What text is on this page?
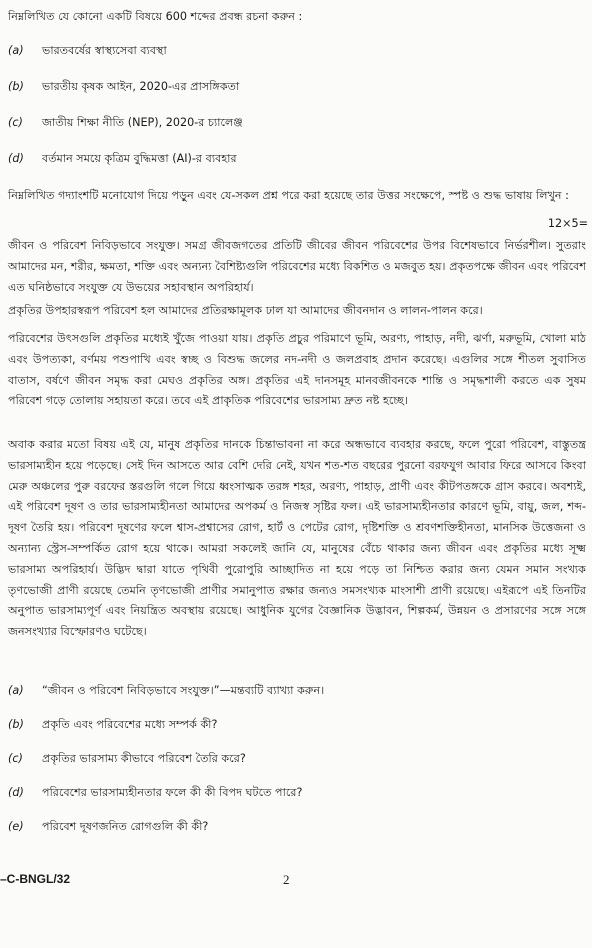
নিম্নলিখিত যে কোনো একটি বিষয়ে 600 শব্দের প্রবন্ধ রচনা করুন :
(a) ভারতবর্ষের স্বাস্থ্যসেবা ব্যবস্থা
(b) ভারতীয় কৃষক আইন, 2020-এর প্রাসঙ্গিকতা
(c) জাতীয় শিক্ষা নীতি (NEP), 2020-র চ্যালেঞ্জ
(d) বর্তমান সময়ে কৃত্রিম বুদ্ধিমত্তা (AI)-র ব্যবহার
নিম্নলিখিত গদ্যাংশটি মনোযোগ দিয়ে পড়ুন এবং যে-সকল প্রশ্ন পরে করা হয়েছে তার উত্তর সংক্ষেপে, স্পষ্ট ও শুদ্ধ ভাষায় লিখুন :
12×5=
জীবন ও পরিবেশ নিবিড়ভাবে সংযুক্ত। সমগ্র জীবজগতের প্রতিটি জীবের জীবন পরিবেশের উপর বিশেষভাবে নির্ভরশীল। সুতরাং আমাদের মন, শরীর, ক্ষমতা, শক্তি এবং অন্যন্য বৈশিষ্ট্যগুলি পরিবেশের মধ্যে বিকশিত ও মজবুত হয়। প্রকৃতপক্ষে জীবন এবং পরিবেশ এত ঘনিষ্ঠভাবে সংযুক্ত যে উভয়ের সহাবস্থান অপরিহার্য।
প্রকৃতির উপহারস্বরূপ পরিবেশ হল আমাদের প্রতিরক্ষামূলক ঢাল যা আমাদের জীবনদান ও লালন-পালন করে।
পরিবেশের উৎসগুলি প্রকৃতির মধ্যেই খুঁজে পাওয়া যায়। প্রকৃতি প্রচুর পরিমাণে ভূমি, অরণ্য, পাহাড়, নদী, ঝর্ণা, মরুভূমি, খোলা মাঠ এবং উপত্যকা, বর্ণময় পশুপাখি এবং স্বচ্ছ ও বিশুদ্ধ জলের নদ-নদী ও জলপ্রবাহ প্রদান করেছে। এগুলির সঙ্গে শীতল সুবাসিত বাতাস, বর্ষণে জীবন সমৃদ্ধ করা মেঘও প্রকৃতির অঙ্গ। প্রকৃতির এই দানসমূহ মানবজীবনকে শান্তি ও সমৃদ্ধশালী করতে এক সুষম পরিবেশ গড়ে তোলায় সহায়তা করে। তবে এই প্রাকৃতিক পরিবেশের ভারসাম্য দ্রুত নষ্ট হচ্ছে।
অবাক করার মতো বিষয় এই যে, মানুষ প্রকৃতির দানকে চিন্তাভাবনা না করে অন্ধভাবে ব্যবহার করছে, ফলে পুরো পরিবেশ, বাস্তুতন্ত্র ভারসাম্যহীন হয়ে পড়েছে। সেই দিন আসতে আর বেশি দেরি নেই, যখন শত-শত বছরের পুরনো বরফযুগ আবার ফিরে আসবে কিংবা মেরু অঞ্চলের পুরু বরফের স্তরগুলি গলে গিয়ে ধ্বংসাত্মক তরঙ্গ শহর, অরণ্য, পাহাড়, প্রাণী এবং কীটপতঙ্গকে গ্রাস করবে। অবশ্যই, এই পরিবেশ দূষণ ও তার ভারসাম্যহীনতা আমাদের অপকর্ম ও নিজস্ব সৃষ্টির ফল। এই ভারসাম্যহীনতার কারণে ভূমি, বায়ু, জল, শব্দ-দূষণ তৈরি হয়। পরিবেশ দূষণের ফলে শ্বাস-প্রশ্বাসের রোগ, হার্ট ও পেটের রোগ, দৃষ্টিশক্তি ও শ্রবণশক্তিহীনতা, মানসিক উত্তেজনা ও অন্যান্য স্ট্রেস-সম্পর্কিত রোগ হয়ে থাকে। আমরা সকলেই জানি যে, মানুষের বেঁচে থাকার জন্য জীবন এবং প্রকৃতির মধ্যে সূক্ষ্ম ভারসাম্য অপরিহার্য। উদ্ভিদ দ্বারা যাতে পৃথিবী পুরোপুরি আচ্ছাদিত না হয়ে পড়ে তা নিশ্চিত করার জন্য যেমন সমান সংখ্যক তৃণভোজী প্রাণী রয়েছে তেমনি তৃণভোজী প্রাণীর সমানুপাত রক্ষার জন্যও সমসংখ্যক মাংসাশী প্রাণী রয়েছে। এইরূপে এই তিনটির অনুপাত ভারসাম্যপূর্ণ এবং নিয়ন্ত্রিত অবস্থায় রয়েছে। আধুনিক যুগের বৈজ্ঞানিক উদ্ভাবন, শিল্পকর্ম, উন্নয়ন ও প্রসারণের সঙ্গে সঙ্গে জনসংখ্যার বিস্ফোরণও ঘটেছে।
(a) “জীবন ও পরিবেশ নিবিড়ভাবে সংযুক্ত।”—মন্তব্যটি ব্যাখ্যা করুন।
(b) প্রকৃতি এবং পরিবেশের মধ্যে সম্পর্ক কী?
(c) প্রকৃতির ভারসাম্য কীভাবে পরিবেশ তৈরি করে?
(d) পরিবেশের ভারসাম্যহীনতার ফলে কী কী বিপদ ঘটতে পারে?
(e) পরিবেশ দূষণজনিত রোগগুলি কী কী?
–C-BNGL/32	2
